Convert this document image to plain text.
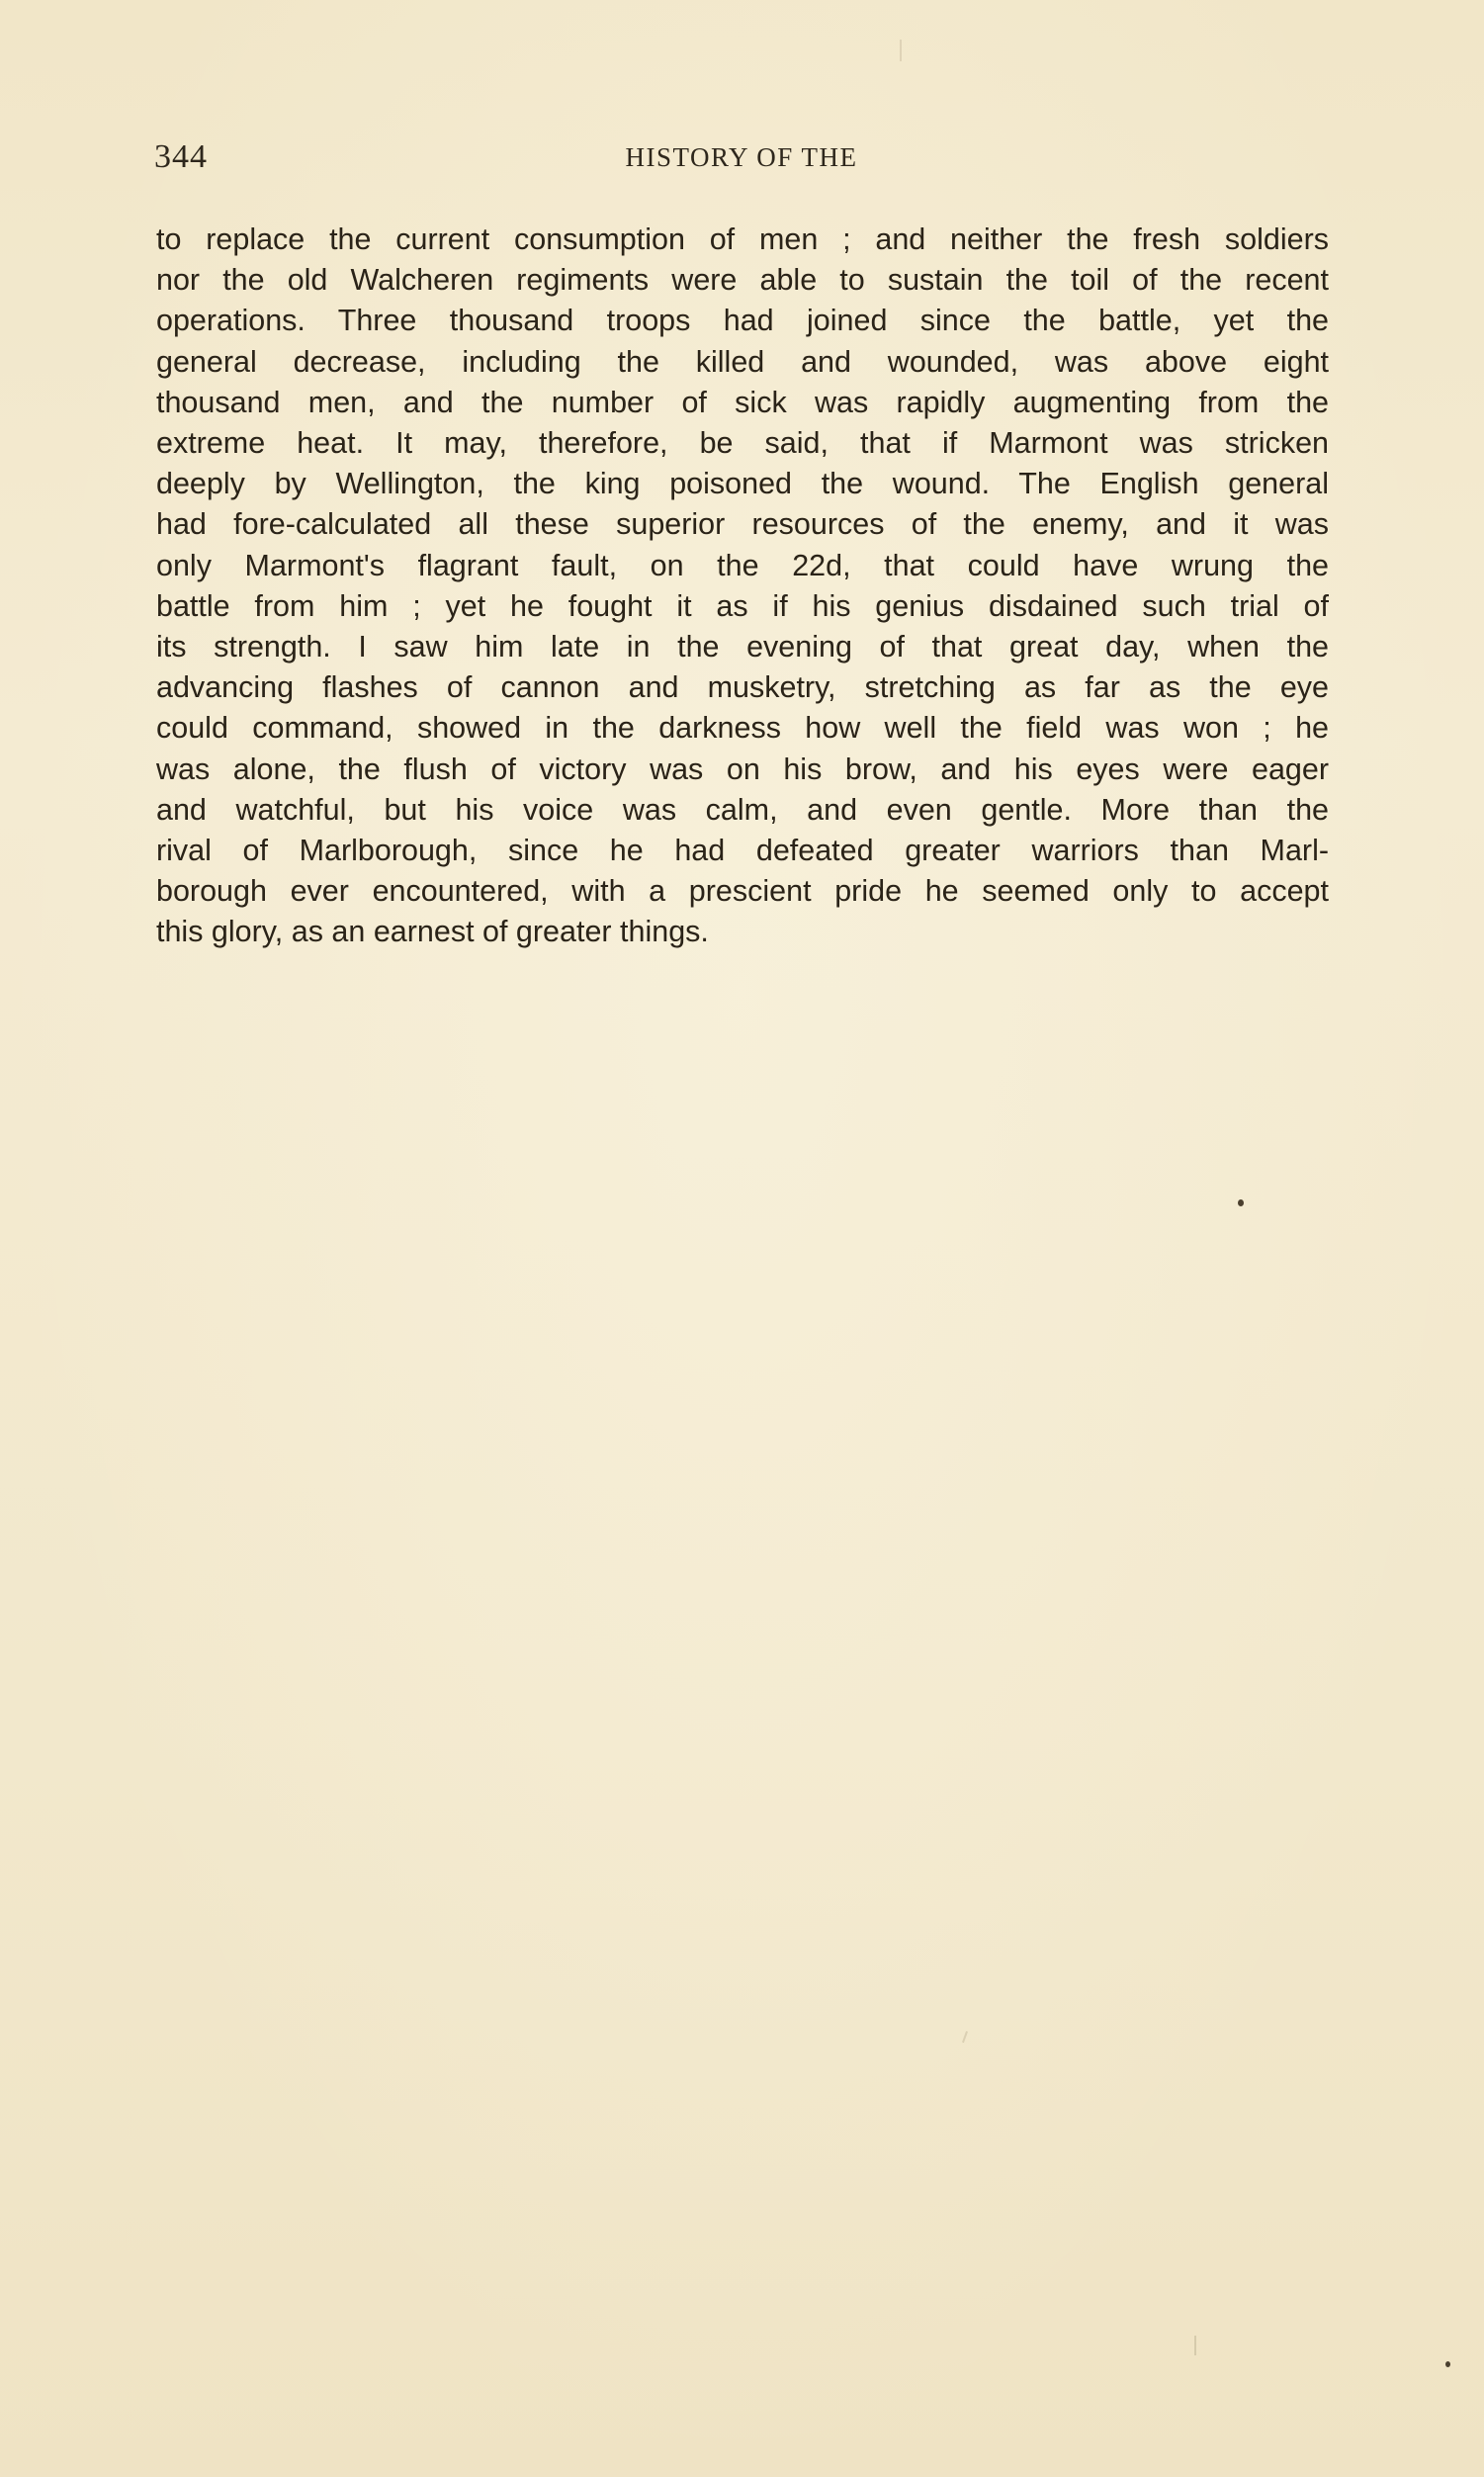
344	HISTORY OF THE
to replace the current consumption of men ; and neither the fresh soldiers
nor the old Walcheren regiments were able to sustain the toil of the recent
operations. Three thousand troops had joined since the battle, yet the
general decrease, including the killed and wounded, was above eight
thousand men, and the number of sick was rapidly augmenting from the
extreme heat. It may, therefore, be said, that if Marmont was stricken
deeply by Wellington, the king poisoned the wound. The English general
had fore-calculated all these superior resources of the enemy, and it was
only Marmont's flagrant fault, on the 22d, that could have wrung the
battle from him ; yet he fought it as if his genius disdained such trial of
its strength. I saw him late in the evening of that great day, when the
advancing flashes of cannon and musketry, stretching as far as the eye
could command, showed in the darkness how well the field was won ; he
was alone, the flush of victory was on his brow, and his eyes were eager
and watchful, but his voice was calm, and even gentle. More than the
rival of Marlborough, since he had defeated greater warriors than Marl-
borough ever encountered, with a prescient pride he seemed only to accept
this glory, as an earnest of greater things.
